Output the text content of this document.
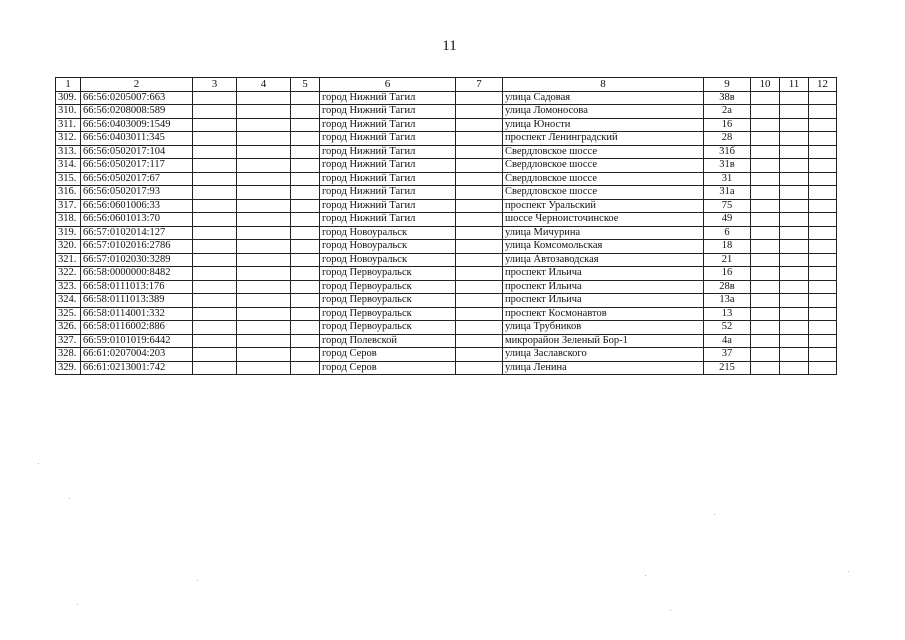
11
1	2	3	4	5	6	7	8	9	10	11	12
309.	66:56:0205007:663				город Нижний Тагил		улица Садовая	38в			
310.	66:56:0208008:589				город Нижний Тагил		улица Ломоносова	2а			
311.	66:56:0403009:1549				город Нижний Тагил		улица Юности	16			
312.	66:56:0403011:345				город Нижний Тагил		проспект Ленинградский	28			
313.	66:56:0502017:104				город Нижний Тагил		Свердловское шоссе	31б			
314.	66:56:0502017:117				город Нижний Тагил		Свердловское шоссе	31в			
315.	66:56:0502017:67				город Нижний Тагил		Свердловское шоссе	31			
316.	66:56:0502017:93				город Нижний Тагил		Свердловское шоссе	31а			
317.	66:56:0601006:33				город Нижний Тагил		проспект Уральский	75			
318.	66:56:0601013:70				город Нижний Тагил		шоссе Черноисточинское	49			
319.	66:57:0102014:127				город Новоуральск		улица Мичурина	6			
320.	66:57:0102016:2786				город Новоуральск		улица Комсомольская	18			
321.	66:57:0102030:3289				город Новоуральск		улица Автозаводская	21			
322.	66:58:0000000:8482				город Первоуральск		проспект Ильича	16			
323.	66:58:0111013:176				город Первоуральск		проспект Ильича	28в			
324.	66:58:0111013:389				город Первоуральск		проспект Ильича	13а			
325.	66:58:0114001:332				город Первоуральск		проспект Космонавтов	13			
326.	66:58:0116002:886				город Первоуральск		улица Трубников	52			
327.	66:59:0101019:6442				город Полевской		микрорайон Зеленый Бор-1	4а			
328.	66:61:0207004:203				город Серов		улица Заславского	37			
329.	66:61:0213001:742				город Серов		улица Ленина	215			
